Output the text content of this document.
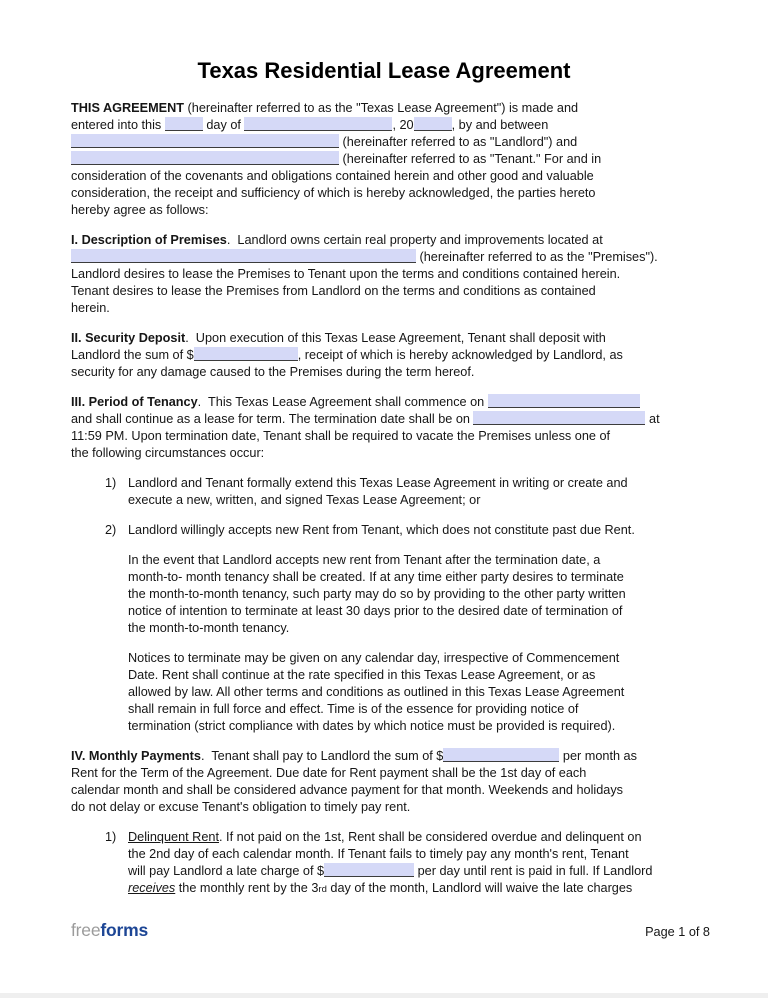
Texas Residential Lease Agreement
THIS AGREEMENT (hereinafter referred to as the "Texas Lease Agreement") is made and
entered into this	day of	, 20	, by and between
(hereinafter referred to as "Landlord") and
(hereinafter referred to as "Tenant." For and in
consideration of the covenants and obligations contained herein and other good and valuable
consideration, the receipt and sufficiency of which is hereby acknowledged, the parties hereto
hereby agree as follows:
I. Description of Premises.  Landlord owns certain real property and improvements located at
(hereinafter referred to as the "Premises").
Landlord desires to lease the Premises to Tenant upon the terms and conditions contained herein.
Tenant desires to lease the Premises from Landlord on the terms and conditions as contained
herein.
II. Security Deposit.  Upon execution of this Texas Lease Agreement, Tenant shall deposit with
Landlord the sum of $	, receipt of which is hereby acknowledged by Landlord, as
security for any damage caused to the Premises during the term hereof.
III. Period of Tenancy.  This Texas Lease Agreement shall commence on
and shall continue as a lease for term. The termination date shall be on	at
11:59 PM. Upon termination date, Tenant shall be required to vacate the Premises unless one of
the following circumstances occur:
1) Landlord and Tenant formally extend this Texas Lease Agreement in writing or create and
execute a new, written, and signed Texas Lease Agreement; or
2) Landlord willingly accepts new Rent from Tenant, which does not constitute past due Rent.
In the event that Landlord accepts new rent from Tenant after the termination date, a
month-to- month tenancy shall be created. If at any time either party desires to terminate
the month-to-month tenancy, such party may do so by providing to the other party written
notice of intention to terminate at least 30 days prior to the desired date of termination of
the month-to-month tenancy.
Notices to terminate may be given on any calendar day, irrespective of Commencement
Date. Rent shall continue at the rate specified in this Texas Lease Agreement, or as
allowed by law. All other terms and conditions as outlined in this Texas Lease Agreement
shall remain in full force and effect. Time is of the essence for providing notice of
termination (strict compliance with dates by which notice must be provided is required).
IV. Monthly Payments.  Tenant shall pay to Landlord the sum of $	per month as
Rent for the Term of the Agreement. Due date for Rent payment shall be the 1st day of each
calendar month and shall be considered advance payment for that month. Weekends and holidays
do not delay or excuse Tenant's obligation to timely pay rent.
1) Delinquent Rent. If not paid on the 1st, Rent shall be considered overdue and delinquent on
the 2nd day of each calendar month. If Tenant fails to timely pay any month's rent, Tenant
will pay Landlord a late charge of $	per day until rent is paid in full. If Landlord
receives the monthly rent by the 3rd day of the month, Landlord will waive the late charges
freeforms	Page 1 of 8
